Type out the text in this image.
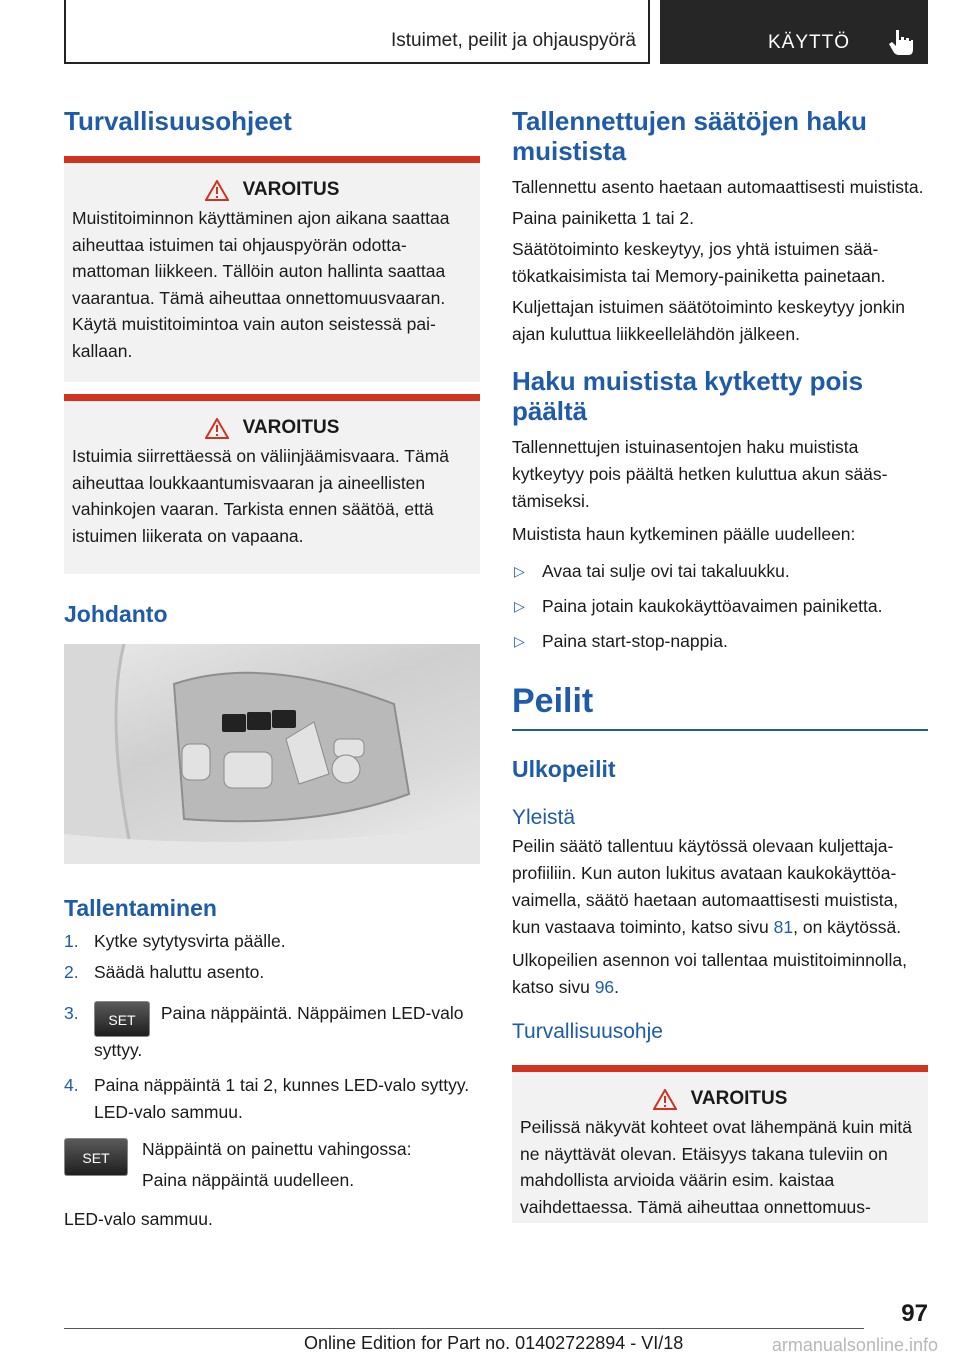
Istuimet, peilit ja ohjauspyörä	KÄYTTÖ
Turvallisuusohjeet
VAROITUS
Muistitoiminnon käyttäminen ajon aikana saattaa aiheuttaa istuimen tai ohjauspyörän odottamattoman liikkeen. Tällöin auton hallinta saattaa vaarantua. Tämä aiheuttaa onnettomuusvaaran. Käytä muistitoimintoa vain auton seistessä paikallaan.
VAROITUS
Istuimia siirrettäessä on väliinjäämisvaara. Tämä aiheuttaa loukkaantumisvaaran ja aineellisten vahinkojen vaaran. Tarkista ennen säätöä, että istuimen liikerata on vapaana.
Johdanto
Tallentaminen
1. Kytke sytytysvirta päälle.
2. Säädä haluttu asento.
3. SET Paina näppäintä. Näppäimen LED-valo syttyy.
4. Paina näppäintä 1 tai 2, kunnes LED-valo syttyy. LED-valo sammuu.
SET	Näppäintä on painettu vahingossa:

Paina näppäintä uudelleen.

LED-valo sammuu.

Tallennettujen säätöjen haku muistista

Tallennettu asento haetaan automaattisesti muistista.

Paina painiketta 1 tai 2.

Säätötoiminto keskeytyy, jos yhtä istuimen säätökatkaisimista tai Memory-painiketta painetaan.

Kuljettajan istuimen säätötoiminto keskeytyy jonkin ajan kuluttua liikkeellelähdön jälkeen.

Haku muistista kytketty pois päältä

Tallennettujen istuinasentojen haku muistista kytkeytyy pois päältä hetken kuluttua akun säästämiseksi.

Muistista haun kytkeminen päälle uudelleen:

▷ Avaa tai sulje ovi tai takaluukku.
▷ Paina jotain kaukokäyttöavaimen painiketta.
▷ Paina start-stop-nappia.
Peilit
Ulkopeilit
Yleistä

Peilin säätö tallentuu käytössä olevaan kuljettajaprofiiliin. Kun auton lukitus avataan kaukokäyttöavaimella, säätö haetaan automaattisesti muistista, kun vastaava toiminto, katso sivu 81, on käytössä.

Ulkopeilien asennon voi tallentaa muistitoiminnolla, katso sivu 96.

Turvallisuusohje
VAROITUS
Peilissä näkyvät kohteet ovat lähempänä kuin mitä ne näyttävät olevan. Etäisyys takana tuleviin on mahdollista arvioida väärin esim. kaistaa vaihdettaessa. Tämä aiheuttaa onnettomuus-
97
Online Edition for Part no. 01402722894 - VI/18	armanualsonline.info
